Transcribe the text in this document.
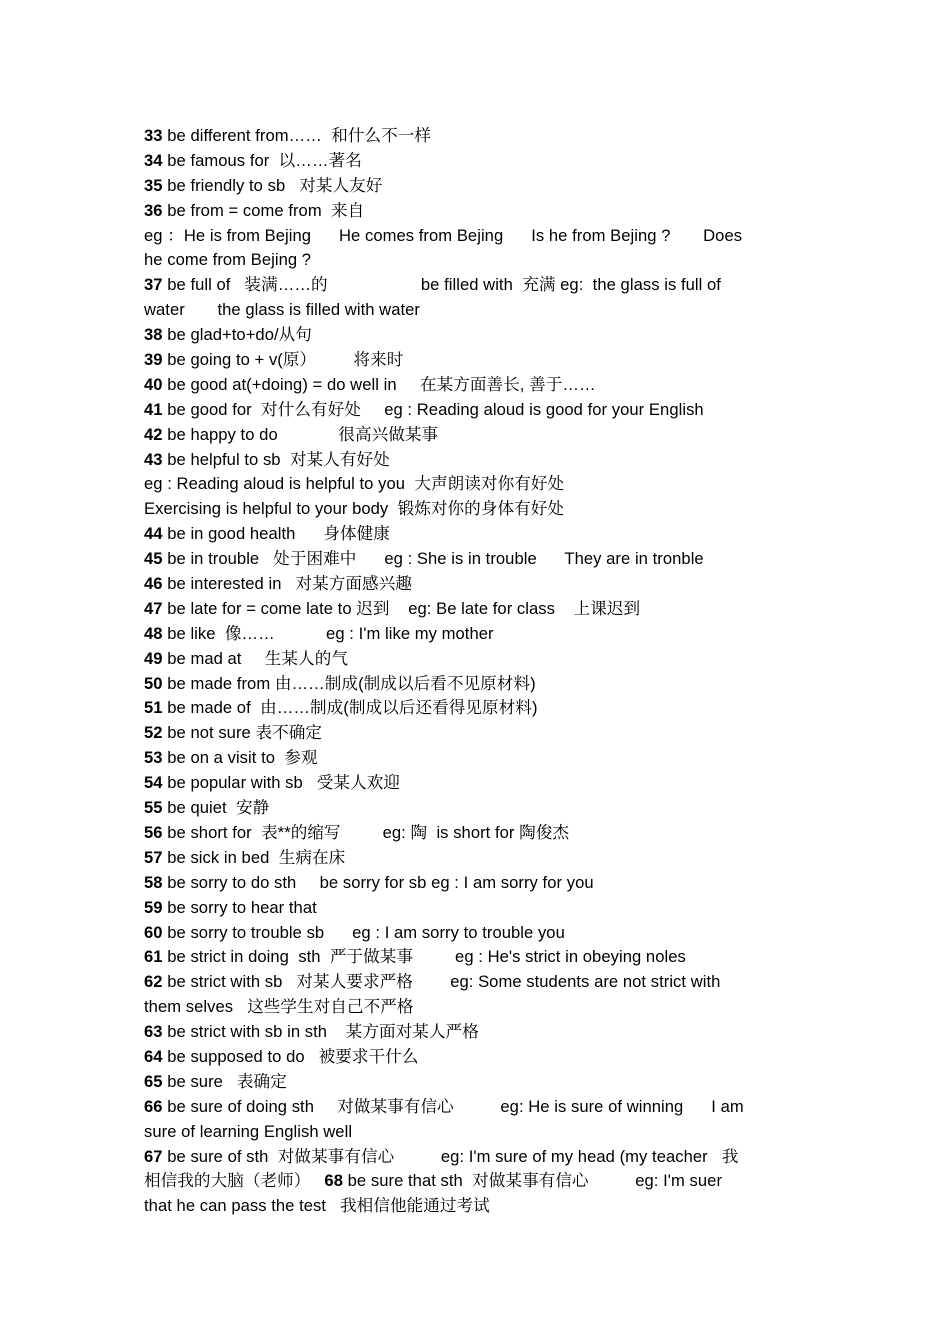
33 be different from……  和什么不一样
34 be famous for  以……著名
35 be friendly to sb   对某人友好
36 be from = come from  来自
eg ：He is from Bejing      He comes from Bejing      Is he from Bejing ?       Does
he come from Bejing ?
37 be full of   装满……的                    be filled with  充满 eg:  the glass is full of
water       the glass is filled with water
38 be glad+to+do/从句
39 be going to + v(原）        将来时
40 be good at(+doing) = do well in     在某方面善长, 善于……
41 be good for  对什么有好处     eg : Reading aloud is good for your English
42 be happy to do             很高兴做某事
43 be helpful to sb  对某人有好处
eg : Reading aloud is helpful to you  大声朗读对你有好处
Exercising is helpful to your body  锻炼对你的身体有好处
44 be in good health      身体健康
45 be in trouble   处于困难中      eg : She is in trouble      They are in tronble
46 be interested in   对某方面感兴趣
47 be late for = come late to 迟到    eg: Be late for class    上课迟到
48 be like  像……           eg : I'm like my mother
49 be mad at     生某人的气
50 be made from 由……制成(制成以后看不见原材料)
51 be made of  由……制成(制成以后还看得见原材料)
52 be not sure 表不确定
53 be on a visit to  参观
54 be popular with sb   受某人欢迎
55 be quiet  安静
56 be short for  表**的缩写         eg: 陶  is short for 陶俊杰
57 be sick in bed  生病在床
58 be sorry to do sth     be sorry for sb eg : I am sorry for you
59 be sorry to hear that
60 be sorry to trouble sb      eg : I am sorry to trouble you
61 be strict in doing  sth  严于做某事         eg : He's strict in obeying noles
62 be strict with sb   对某人要求严格        eg: Some students are not strict with
them selves   这些学生对自己不严格
63 be strict with sb in sth    某方面对某人严格
64 be supposed to do   被要求干什么
65 be sure   表确定
66 be sure of doing sth     对做某事有信心          eg: He is sure of winning      I am
sure of learning English well
67 be sure of sth  对做某事有信心          eg: I'm sure of my head (my teacher   我
相信我的大脑（老师）   68 be sure that sth  对做某事有信心          eg: I'm suer
that he can pass the test   我相信他能通过考试
